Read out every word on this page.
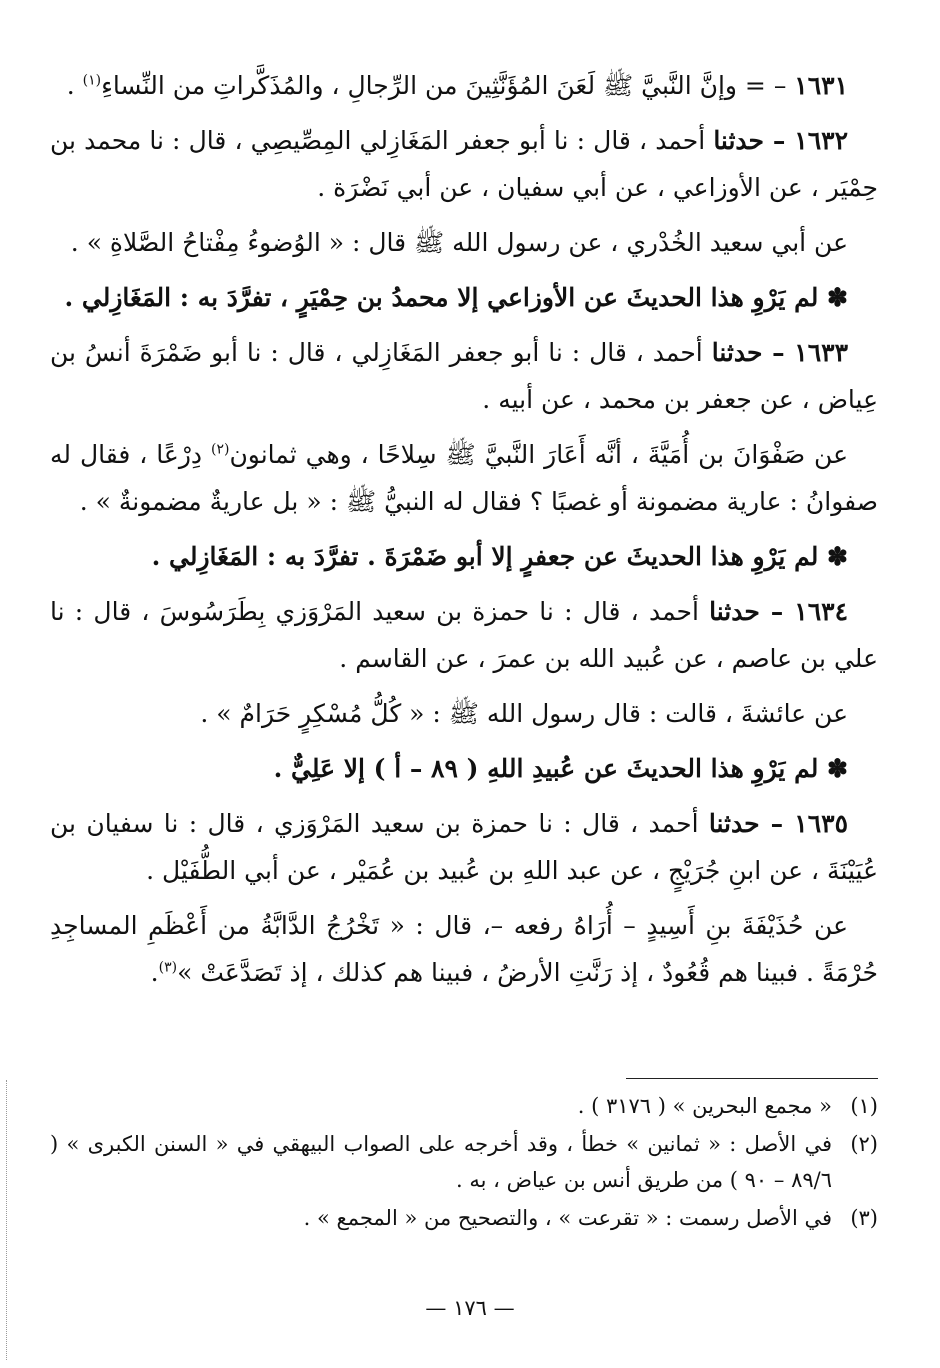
١٦٣١ – = وإنَّ النَّبيَّ ﷺ لَعَنَ المُؤَنَّثِينَ من الرِّجالِ ، والمُذَكَّراتِ من النِّساءِ$^{(١)}$ .

١٦٣٢ – حدثنا أحمد ، قال : نا أبو جعفر المَغَازِلي المِصِّيصِي ، قال : نا محمد بن حِمْيَر ، عن الأوزاعي ، عن أبي سفيان ، عن أبي نَضْرَة .

عن أبي سعيد الخُدْري ، عن رسول الله ﷺ قال : « الوُضوءُ مِفْتاحُ الصَّلاةِ » .

✽ لم يَرْوِ هذا الحديثَ عن الأوزاعي إلا محمدُ بن حِمْيَرٍ ، تفرَّدَ به : المَغَازِلي .

١٦٣٣ – حدثنا أحمد ، قال : نا أبو جعفر المَغَازِلي ، قال : نا أبو ضَمْرَةَ أنسُ بن عِياض ، عن جعفر بن محمد ، عن أبيه .

عن صَفْوَانَ بن أُمَيَّةَ ، أنَّه أَعَارَ النَّبيَّ ﷺ سِلاحًا ، وهي ثمانون$^{(٢)}$ دِرْعًا ، فقال له صفوانُ : عارية مضمونة أو غصبًا ؟ فقال له النبيُّ ﷺ : « بل عاريةٌ مضمونةٌ » .

✽ لم يَرْوِ هذا الحديثَ عن جعفرٍ إلا أبو ضَمْرَةَ . تفرَّدَ به : المَغَازِلي .

١٦٣٤ – حدثنا أحمد ، قال : نا حمزة بن سعيد المَرْوَزي بِطَرَسُوسَ ، قال : نا علي بن عاصم ، عن عُبيد الله بن عمرَ ، عن القاسم .

عن عائشةَ ، قالت : قال رسول الله ﷺ : « كُلُّ مُسْكِرٍ حَرَامٌ » .

✽ لم يَرْوِ هذا الحديثَ عن عُبيدِ اللهِ ( ٨٩ – أ ) إلا عَلِيٌّ .

١٦٣٥ – حدثنا أحمد ، قال : نا حمزة بن سعيد المَرْوَزي ، قال : نا سفيان بن عُيَيْنَةَ ، عن ابنِ جُرَيْجٍ ، عن عبد اللهِ بن عُبيد بن عُمَيْر ، عن أبي الطُّفَيْل .

عن حُذَيْفَةَ بنِ أَسِيدٍ – أُرَاهُ رفعه –، قال : « تَخْرُجُ الدَّابَّةُ من أَعْظَمِ المساجِدِ حُرْمَةً . فبينا هم قُعُودٌ ، إذ رَنَّتِ الأرضُ ، فبينا هم كذلك ، إذ تَصَدَّعَتْ »$^{(٣)}$.

(١)
« مجمع البحرين » ( ٣١٧٦ ) .
(٢)
في الأصل : « ثمانين » خطأ ، وقد أخرجه على الصواب البيهقي في « السنن الكبرى » ( ٨٩/٦ – ٩٠ ) من طريق أنس بن عياض ، به .
(٣)
في الأصل رسمت : « تقرعت » ، والتصحيح من « المجمع » .
— ١٧٦ —
